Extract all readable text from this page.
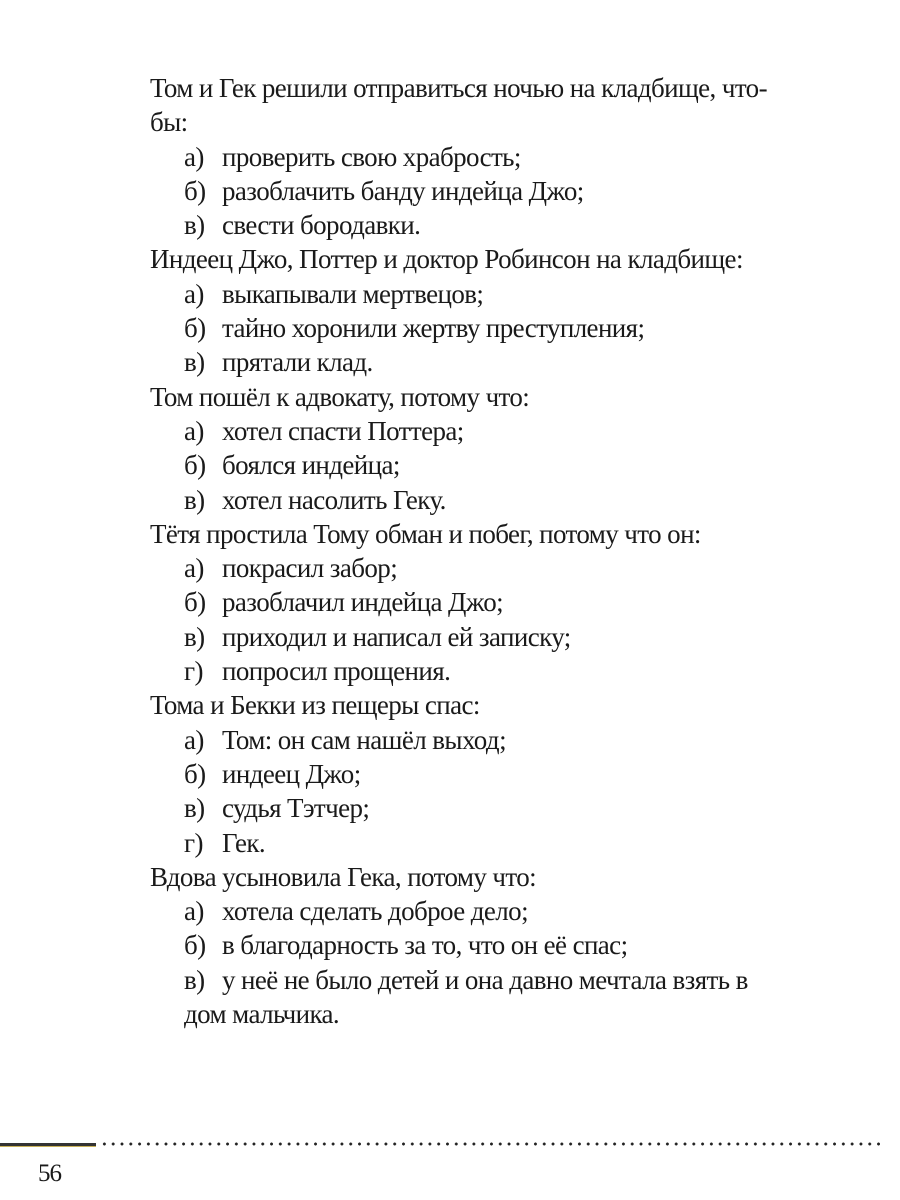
Том и Гек решили отправиться ночью на кладбище, что-
бы:
а) проверить свою храбрость;
б) разоблачить банду индейца Джо;
в) свести бородавки.
Индеец Джо, Поттер и доктор Робинсон на кладбище:
а) выкапывали мертвецов;
б) тайно хоронили жертву преступления;
в) прятали клад.
Том пошёл к адвокату, потому что:
а) хотел спасти Поттера;
б) боялся индейца;
в) хотел насолить Геку.
Тётя простила Тому обман и побег, потому что он:
а) покрасил забор;
б) разоблачил индейца Джо;
в) приходил и написал ей записку;
г) попросил прощения.
Тома и Бекки из пещеры спас:
а) Том: он сам нашёл выход;
б) индеец Джо;
в) судья Тэтчер;
г) Гек.
Вдова усыновила Гека, потому что:
а) хотела сделать доброе дело;
б) в благодарность за то, что он её спас;
в) у неё не было детей и она давно мечтала взять в
дом мальчика.
56
